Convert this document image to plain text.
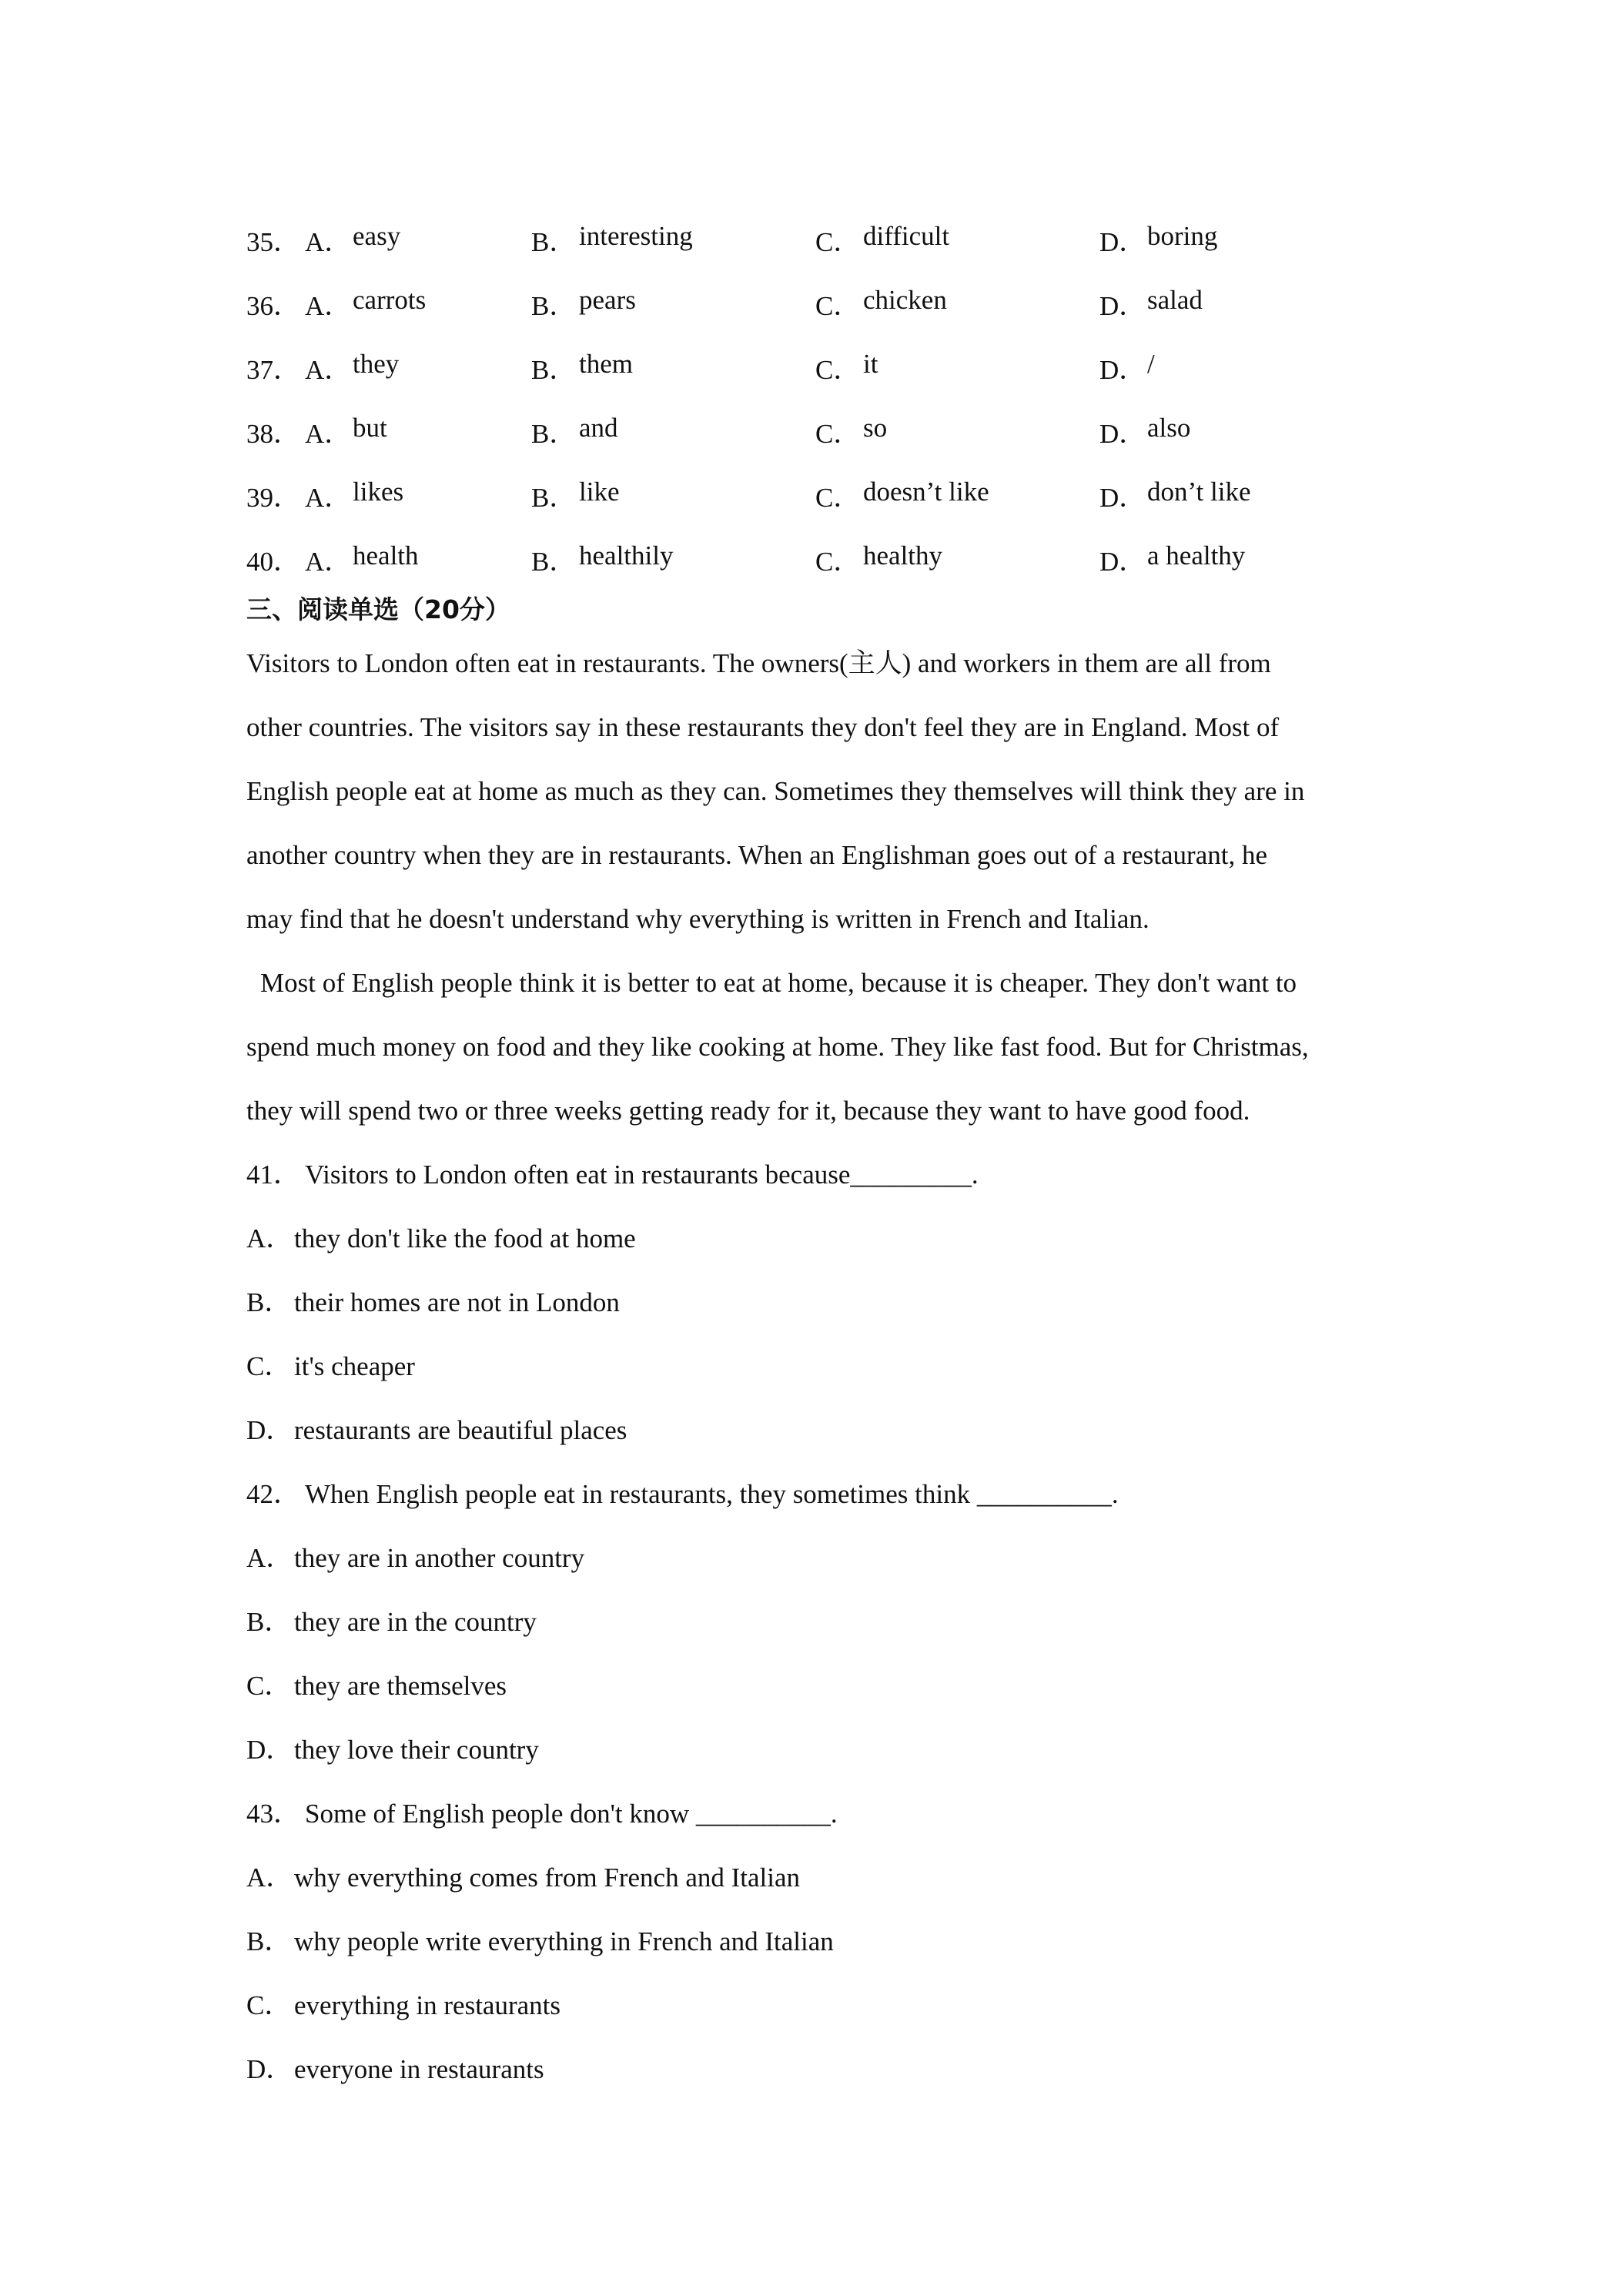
35． A． easy	B． interesting	C． difficult	D． boring
36． A． carrots	B． pears	C． chicken	D． salad
37． A． they	B． them	C． it	D． /
38． A． but	B． and	C． so	D． also
39． A． likes	B． like	C． doesn’t like	D． don’t like
40． A． health	B． healthily	C． healthy	D． a healthy
三、阅读单选（20分）

Visitors to London often eat in restaurants. The owners(主人) and workers in them are all from

other countries. The visitors say in these restaurants they don't feel they are in England. Most of

English people eat at home as much as they can. Sometimes they themselves will think they are in

another country when they are in restaurants. When an Englishman goes out of a restaurant, he

may find that he doesn't understand why everything is written in French and Italian.

Most of English people think it is better to eat at home, because it is cheaper. They don't want to

spend much money on food and they like cooking at home. They like fast food. But for Christmas,

they will spend two or three weeks getting ready for it, because they want to have good food.

41． Visitors to London often eat in restaurants because_________.
A．they don't like the food at home
B． their homes are not in London
C． it's cheaper
D．restaurants are beautiful places
42． When English people eat in restaurants, they sometimes think __________.
A．they are in another country
B． they are in the country
C． they are themselves
D．they love their country
43． Some of English people don't know __________.
A．why everything comes from French and Italian
B． why people write everything in French and Italian
C． everything in restaurants
D．everyone in restaurants
